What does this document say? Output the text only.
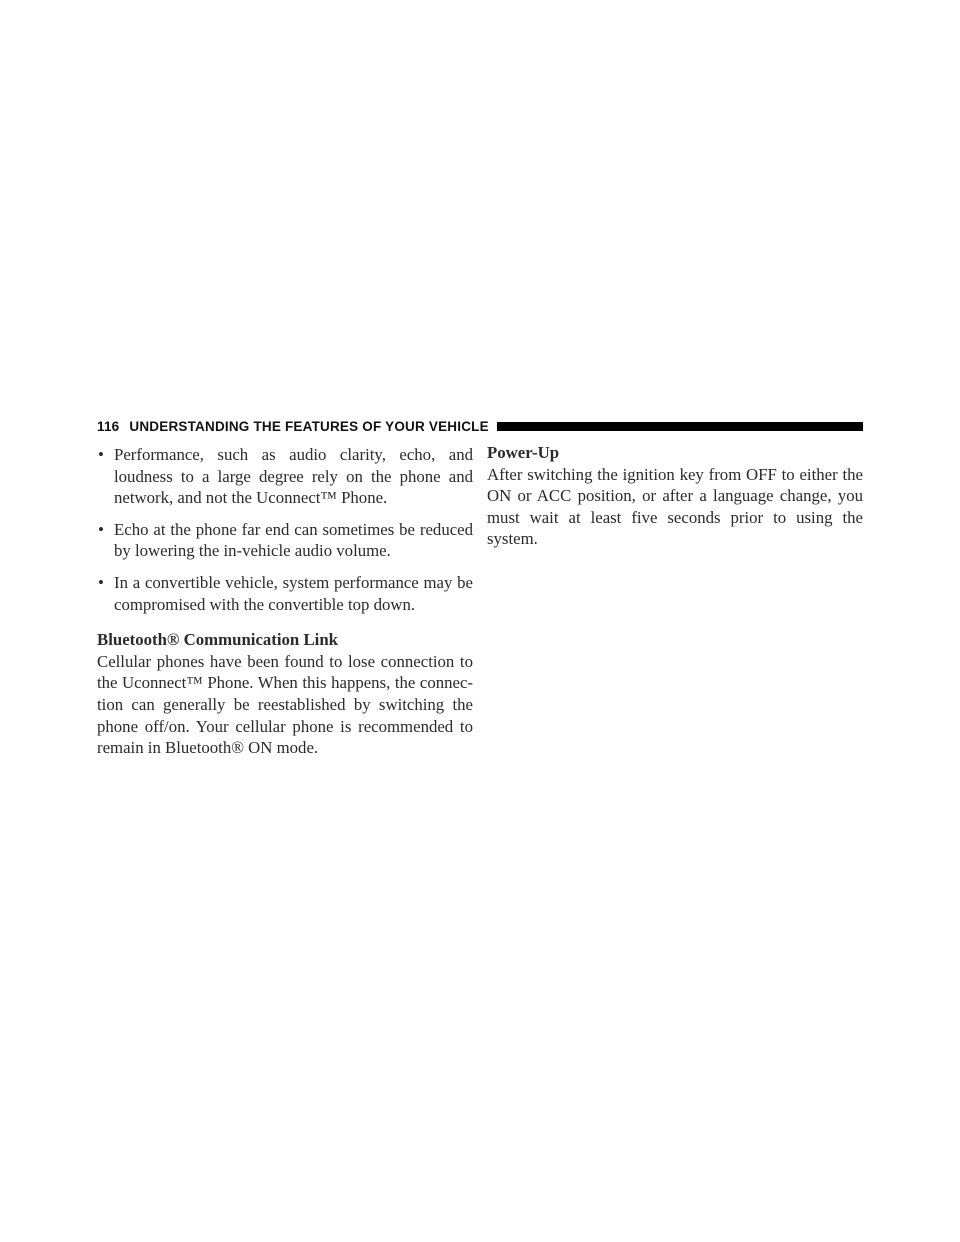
116 UNDERSTANDING THE FEATURES OF YOUR VEHICLE
• Performance, such as audio clarity, echo, and loudness to a large degree rely on the phone and network, and not the Uconnect™ Phone.
• Echo at the phone far end can sometimes be reduced by lowering the in-vehicle audio volume.
• In a convertible vehicle, system performance may be compromised with the convertible top down.

Bluetooth® Communication Link

Cellular phones have been found to lose connection to the Uconnect™ Phone. When this happens, the connec-tion can generally be reestablished by switching the phone off/on. Your cellular phone is recommended to remain in Bluetooth® ON mode.

Power-Up

After switching the ignition key from OFF to either the ON or ACC position, or after a language change, you must wait at least five seconds prior to using the system.
